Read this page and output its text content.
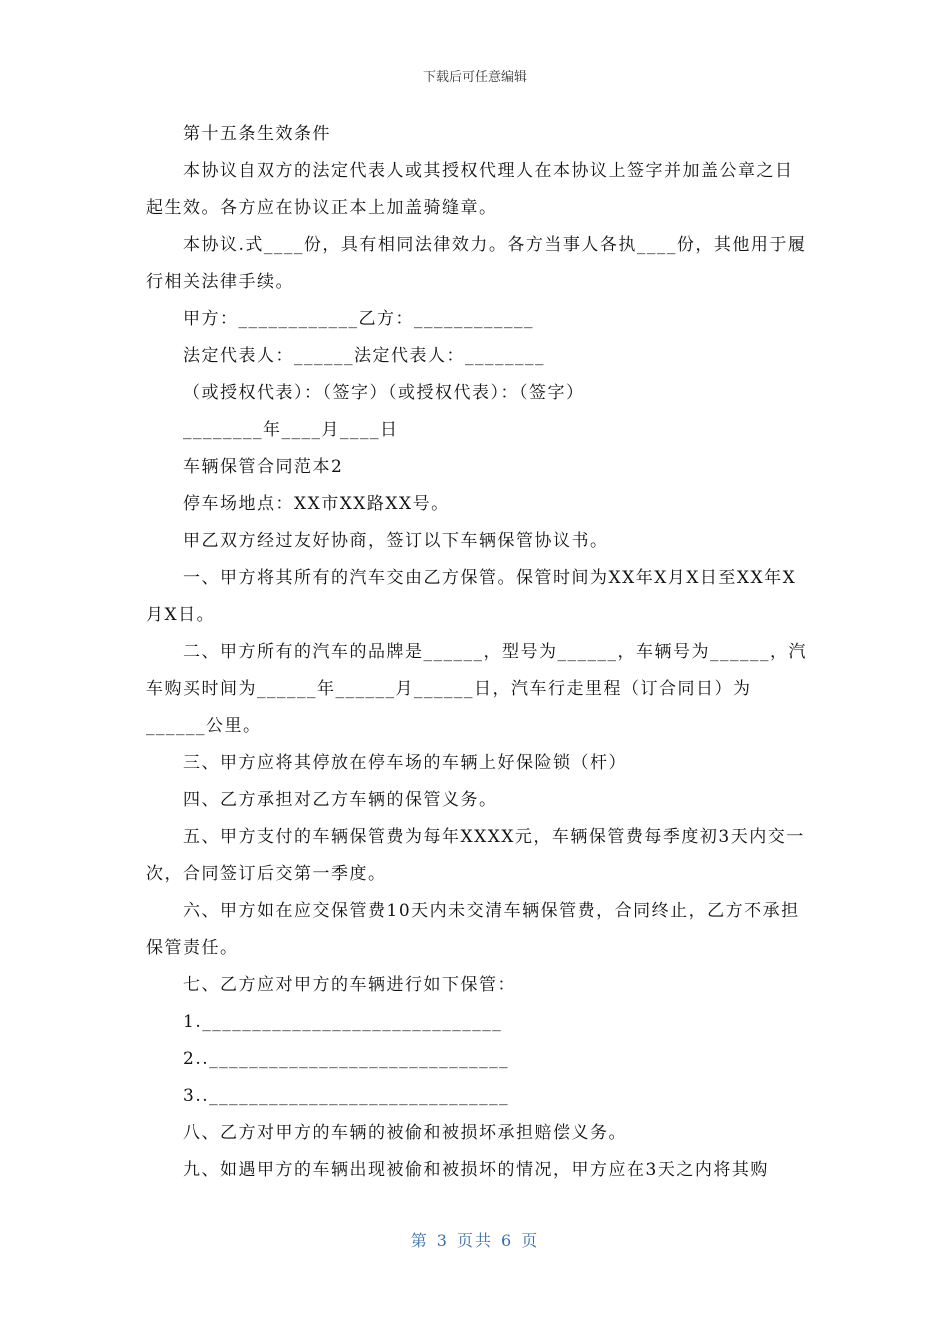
下载后可任意编辑

第十五条生效条件

本协议自双方的法定代表人或其授权代理人在本协议上签字并加盖公章之日起生效。各方应在协议正本上加盖骑缝章。

本协议.式____份，具有相同法律效力。各方当事人各执____份，其他用于履行相关法律手续。

甲方：____________乙方：____________

法定代表人：______法定代表人：________

（或授权代表）：（签字）（或授权代表）：（签字）

________年____月____日

车辆保管合同范本2

停车场地点：XX市XX路XX号。

甲乙双方经过友好协商，签订以下车辆保管协议书。

一、甲方将其所有的汽车交由乙方保管。保管时间为XX年X月X日至XX年X月X日。

二、甲方所有的汽车的品牌是______，型号为______，车辆号为______，汽车购买时间为______年______月______日，汽车行走里程（订合同日）为______公里。

三、甲方应将其停放在停车场的车辆上好保险锁（杆）

四、乙方承担对乙方车辆的保管义务。

五、甲方支付的车辆保管费为每年XXXX元，车辆保管费每季度初3天内交一次，合同签订后交第一季度。

六、甲方如在应交保管费10天内未交清车辆保管费，合同终止，乙方不承担保管责任。

七、乙方应对甲方的车辆进行如下保管：

1.______________________________

2..______________________________

3..______________________________

八、乙方对甲方的车辆的被偷和被损坏承担赔偿义务。

九、如遇甲方的车辆出现被偷和被损坏的情况，甲方应在3天之内将其购

第 3 页共 6 页
